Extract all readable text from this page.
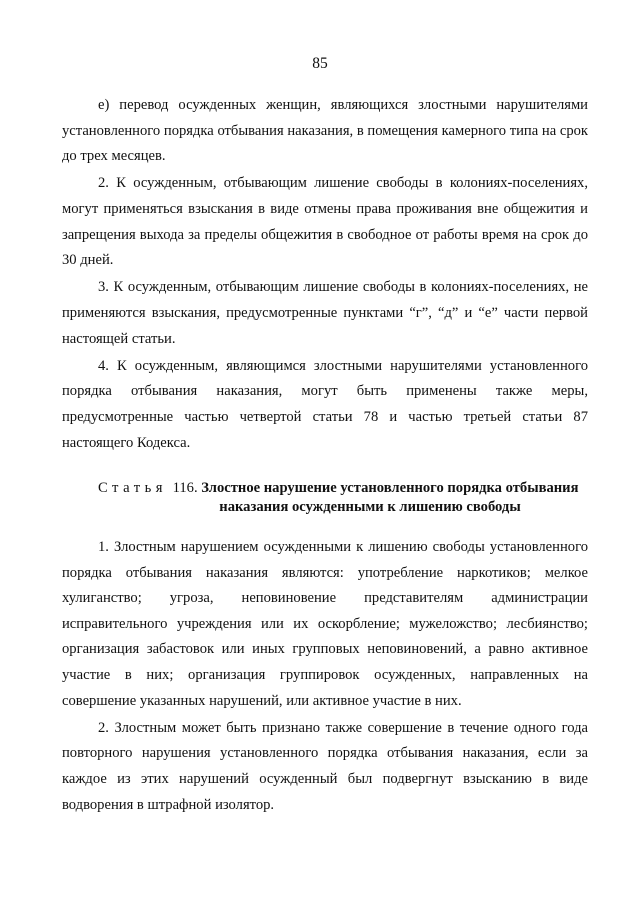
85

е) перевод осужденных женщин, являющихся злостными нарушителями установленного порядка отбывания наказания, в помещения камерного типа на срок до трех месяцев.

2. К осужденным, отбывающим лишение свободы в колониях-поселениях, могут применяться взыскания в виде отмены права проживания вне общежития и запрещения выхода за пределы общежития в свободное от работы время на срок до 30 дней.

3. К осужденным, отбывающим лишение свободы в колониях-поселениях, не применяются взыскания, предусмотренные пунктами “г”, “д” и “е” части первой настоящей статьи.

4. К осужденным, являющимся злостными нарушителями установленного порядка отбывания наказания, могут быть применены также меры, предусмотренные частью четвертой статьи 78 и частью третьей статьи 87 настоящего Кодекса.

Статья 116. Злостное нарушение установленного порядка отбывания
наказания осужденными к лишению свободы

1. Злостным нарушением осужденными к лишению свободы установленного порядка отбывания наказания являются: употребление наркотиков; мелкое хулиганство; угроза, неповиновение представителям администрации исправительного учреждения или их оскорбление; мужеложство; лесбиянство; организация забастовок или иных групповых неповиновений, а равно активное участие в них; организация группировок осужденных, направленных на совершение указанных нарушений, или активное участие в них.

2. Злостным может быть признано также совершение в течение одного года повторного нарушения установленного порядка отбывания наказания, если за каждое из этих нарушений осужденный был подвергнут взысканию в виде водворения в штрафной изолятор.
